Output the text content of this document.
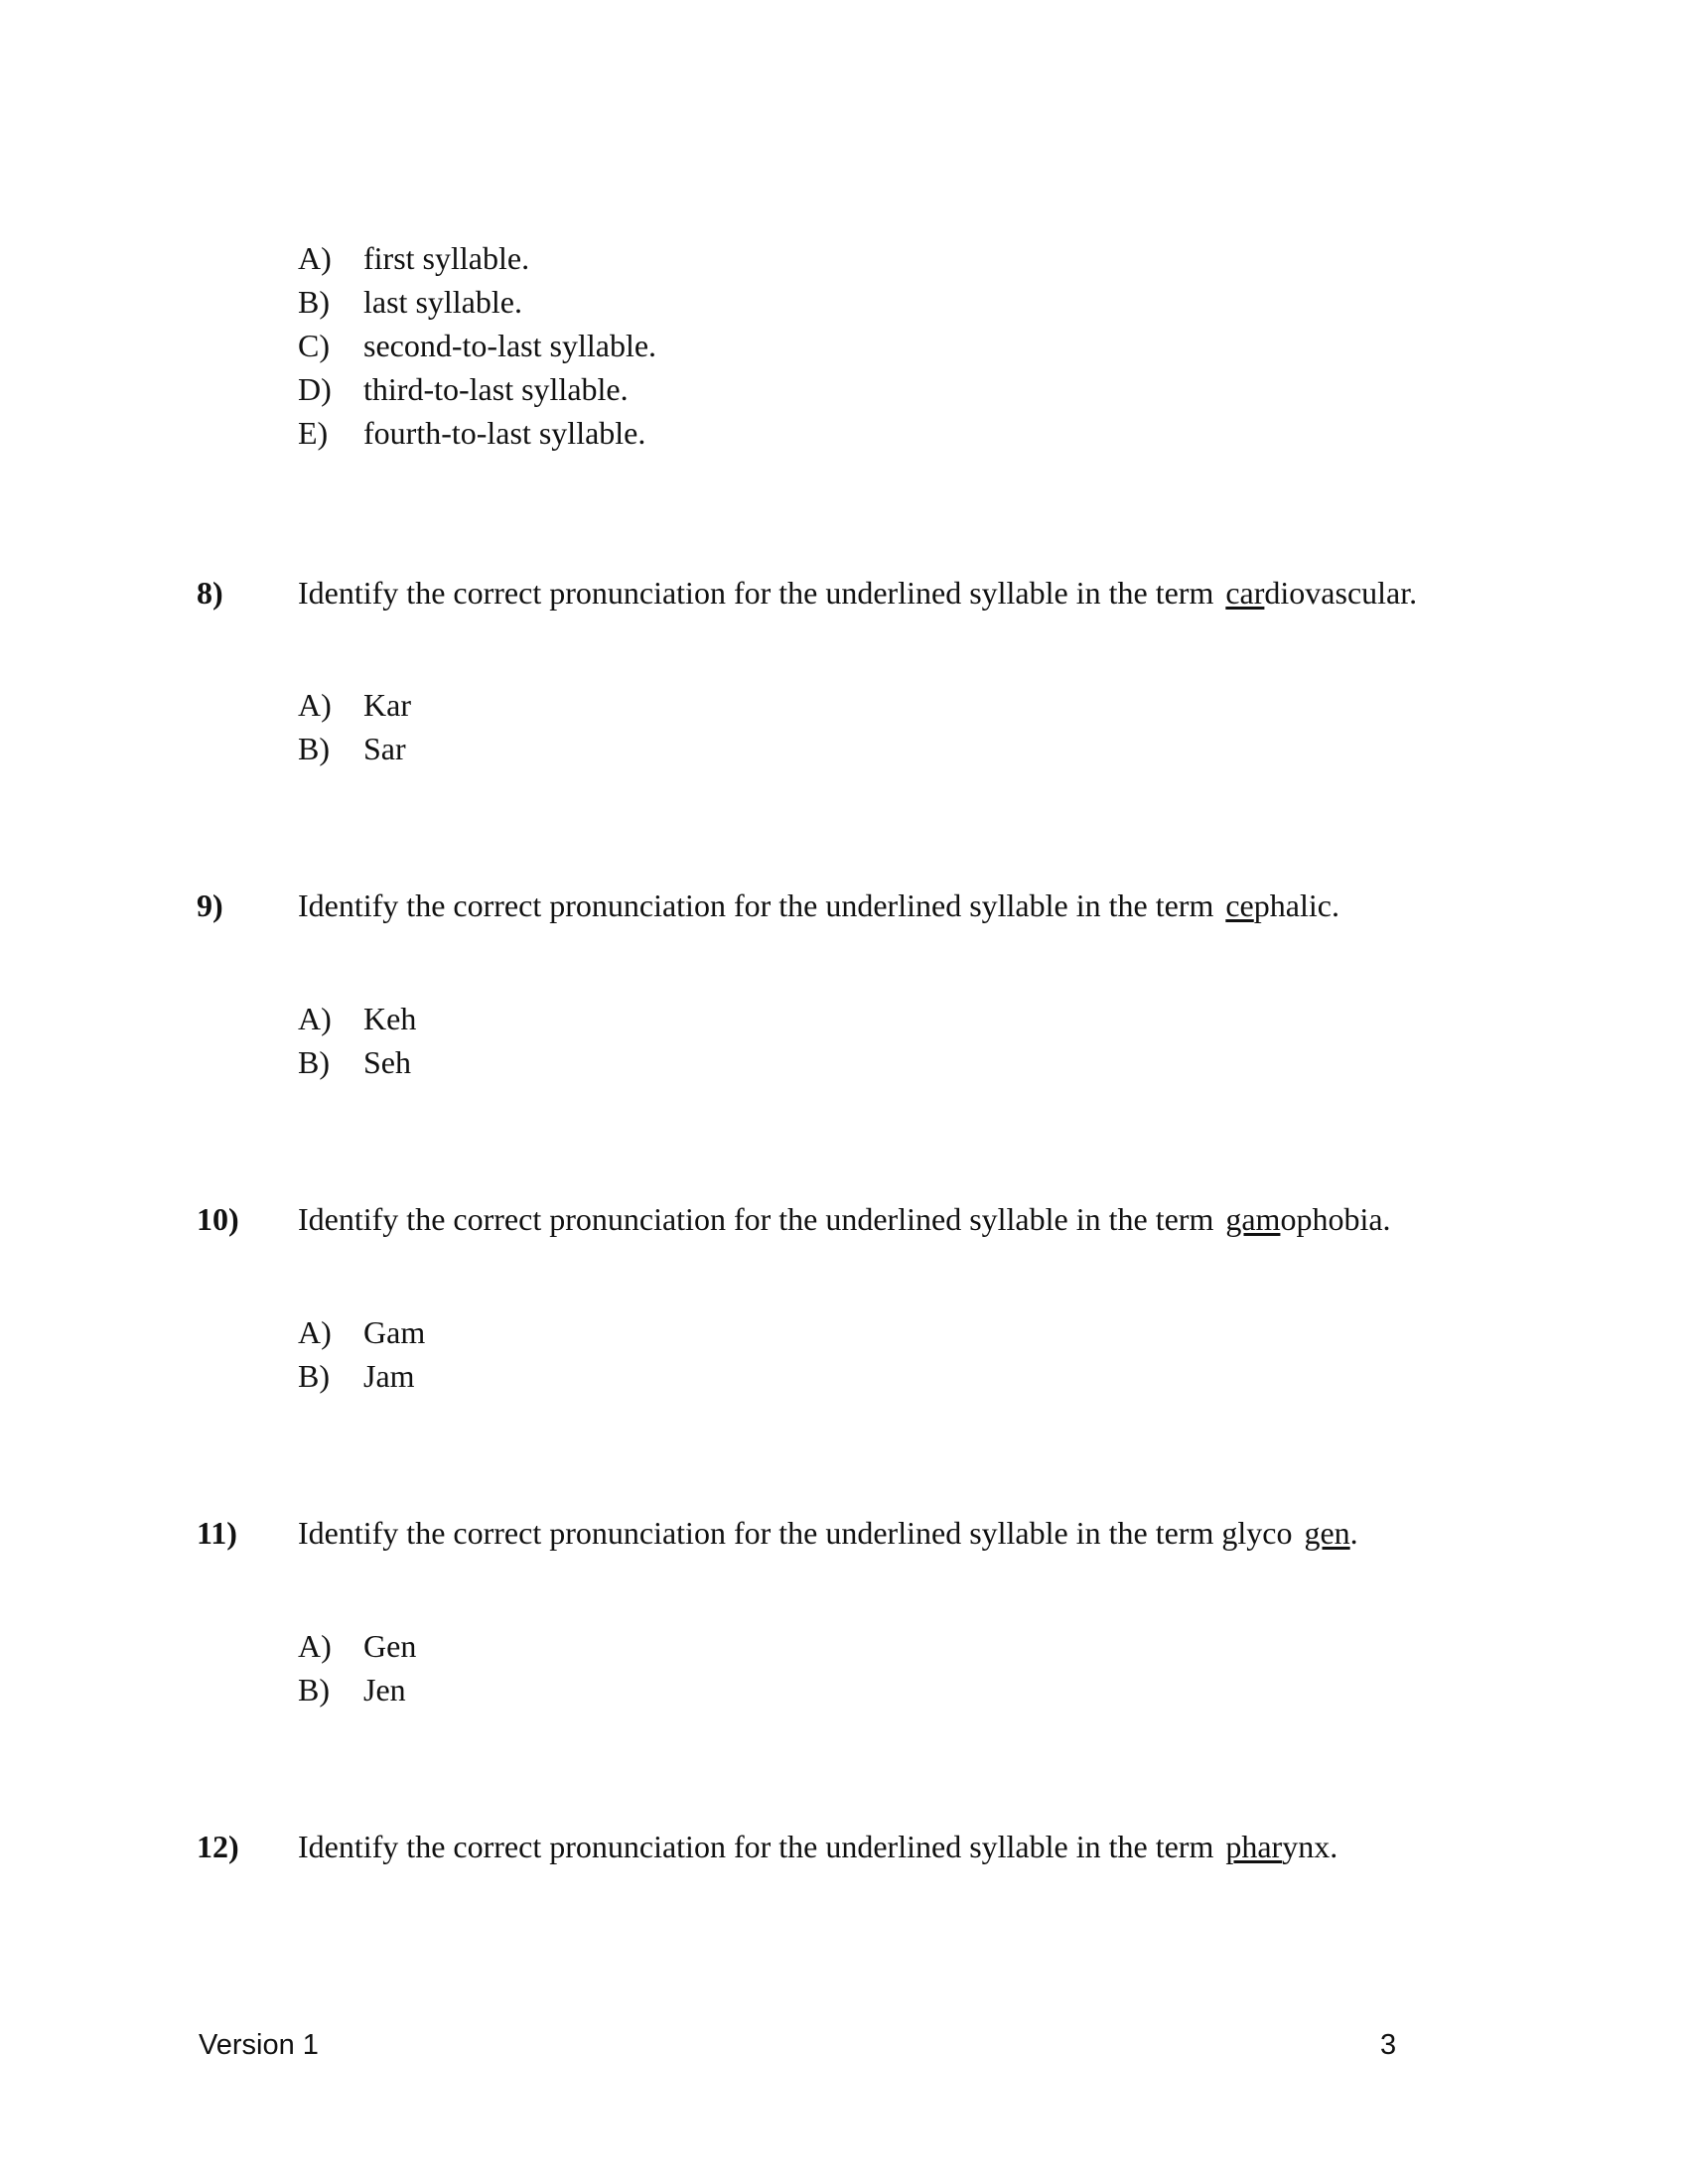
A) first syllable.
B) last syllable.
C) second-to-last syllable.
D) third-to-last syllable.
E) fourth-to-last syllable.
8) Identify the correct pronunciation for the underlined syllable in the term cardiovascular.
A) Kar
B) Sar
9) Identify the correct pronunciation for the underlined syllable in the term cephalic.
A) Keh
B) Seh
10) Identify the correct pronunciation for the underlined syllable in the term gamophobia.
A) Gam
B) Jam
11) Identify the correct pronunciation for the underlined syllable in the term glyco gen.
A) Gen
B) Jen
12) Identify the correct pronunciation for the underlined syllable in the term pharynx.
Version 1	3
